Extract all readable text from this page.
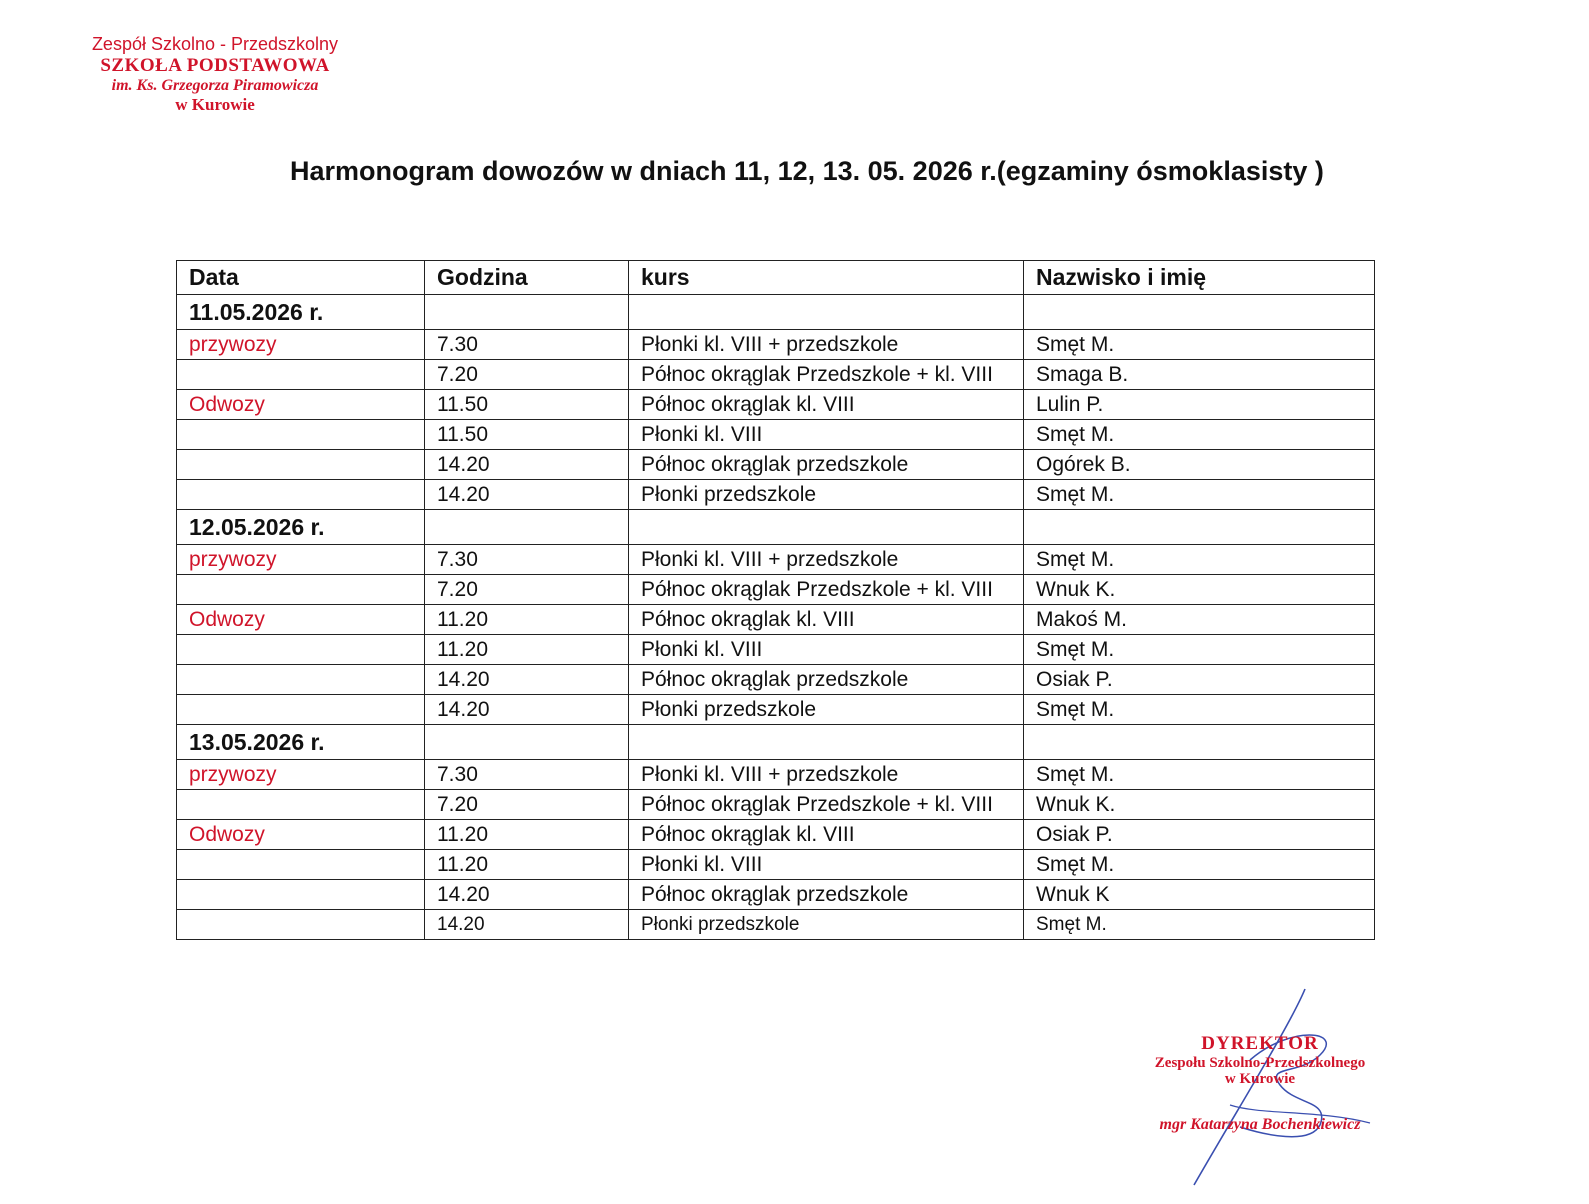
Zespół Szkolno - Przedszkolny
SZKOŁA PODSTAWOWA
im. Ks. Grzegorza Piramowicza
w Kurowie
Harmonogram dowozów w dniach 11, 12, 13. 05. 2026 r.(egzaminy ósmoklasisty )
Data	Godzina	kurs	Nazwisko i imię
11.05.2026 r.			
przywozy	7.30	Płonki kl. VIII + przedszkole	Smęt M.
	7.20	Północ okrąglak Przedszkole + kl. VIII	Smaga B.
Odwozy	11.50	Północ okrąglak kl. VIII	Lulin P.
	11.50	Płonki kl. VIII	Smęt M.
	14.20	Północ okrąglak przedszkole	Ogórek B.
	14.20	Płonki przedszkole	Smęt M.
12.05.2026 r.			
przywozy	7.30	Płonki kl. VIII + przedszkole	Smęt M.
	7.20	Północ okrąglak Przedszkole + kl. VIII	Wnuk K.
Odwozy	11.20	Północ okrąglak kl. VIII	Makoś M.
	11.20	Płonki kl. VIII	Smęt M.
	14.20	Północ okrąglak przedszkole	Osiak P.
	14.20	Płonki przedszkole	Smęt M.
13.05.2026 r.			
przywozy	7.30	Płonki kl. VIII + przedszkole	Smęt M.
	7.20	Północ okrąglak Przedszkole + kl. VIII	Wnuk K.
Odwozy	11.20	Północ okrąglak kl. VIII	Osiak P.
	11.20	Płonki kl. VIII	Smęt M.
	14.20	Północ okrąglak przedszkole	Wnuk K
	14.20	Płonki przedszkole	Smęt M.
DYREKTOR
Zespołu Szkolno-Przedszkolnego
w Kurowie
mgr Katarzyna Bochenkiewicz
